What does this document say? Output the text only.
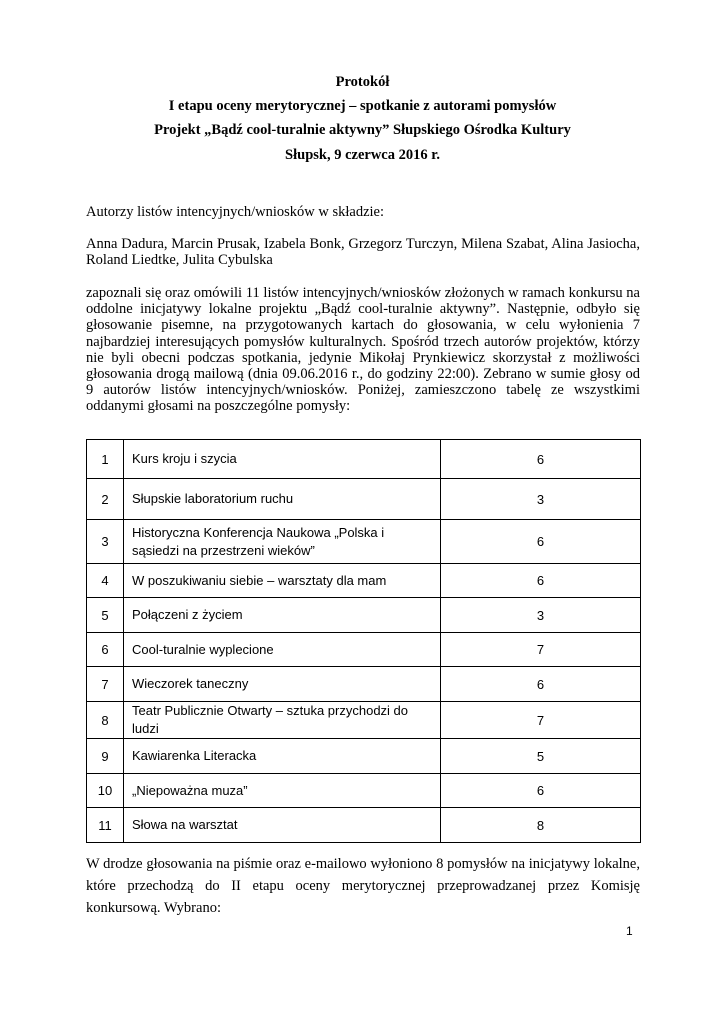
Protokół
I etapu oceny merytorycznej – spotkanie z autorami pomysłów
Projekt „Bądź cool-turalnie aktywny” Słupskiego Ośrodka Kultury
Słupsk, 9 czerwca 2016 r.
Autorzy listów intencyjnych/wniosków w składzie:
Anna Dadura, Marcin Prusak, Izabela Bonk, Grzegorz Turczyn, Milena Szabat, Alina Jasiocha, Roland Liedtke, Julita Cybulska
zapoznali się oraz omówili 11 listów intencyjnych/wniosków złożonych w ramach konkursu na oddolne inicjatywy lokalne projektu „Bądź cool-turalnie aktywny”. Następnie, odbyło się głosowanie pisemne, na przygotowanych kartach do głosowania, w celu wyłonienia 7 najbardziej interesujących pomysłów kulturalnych. Spośród trzech autorów projektów, którzy nie byli obecni podczas spotkania, jedynie Mikołaj Prynkiewicz skorzystał z możliwości głosowania drogą mailową (dnia 09.06.2016 r., do godziny 22:00). Zebrano w sumie głosy od 9 autorów listów intencyjnych/wniosków. Poniżej, zamieszczono tabelę ze wszystkimi oddanymi głosami na poszczególne pomysły:
1	Kurs kroju i szycia	6
2	Słupskie laboratorium ruchu	3
3	Historyczna Konferencja Naukowa „Polska i sąsiedzi na przestrzeni wieków”	6
4	W poszukiwaniu siebie – warsztaty dla mam	6
5	Połączeni z życiem	3
6	Cool-turalnie wyplecione	7
7	Wieczorek taneczny	6
8	Teatr Publicznie Otwarty – sztuka przychodzi do ludzi	7
9	Kawiarenka Literacka	5
10	„Niepoważna muza”	6
11	Słowa na warsztat	8
W drodze głosowania na piśmie oraz e-mailowo wyłoniono 8 pomysłów na inicjatywy lokalne, które przechodzą do II etapu oceny merytorycznej przeprowadzanej przez Komisję konkursową. Wybrano:
1
